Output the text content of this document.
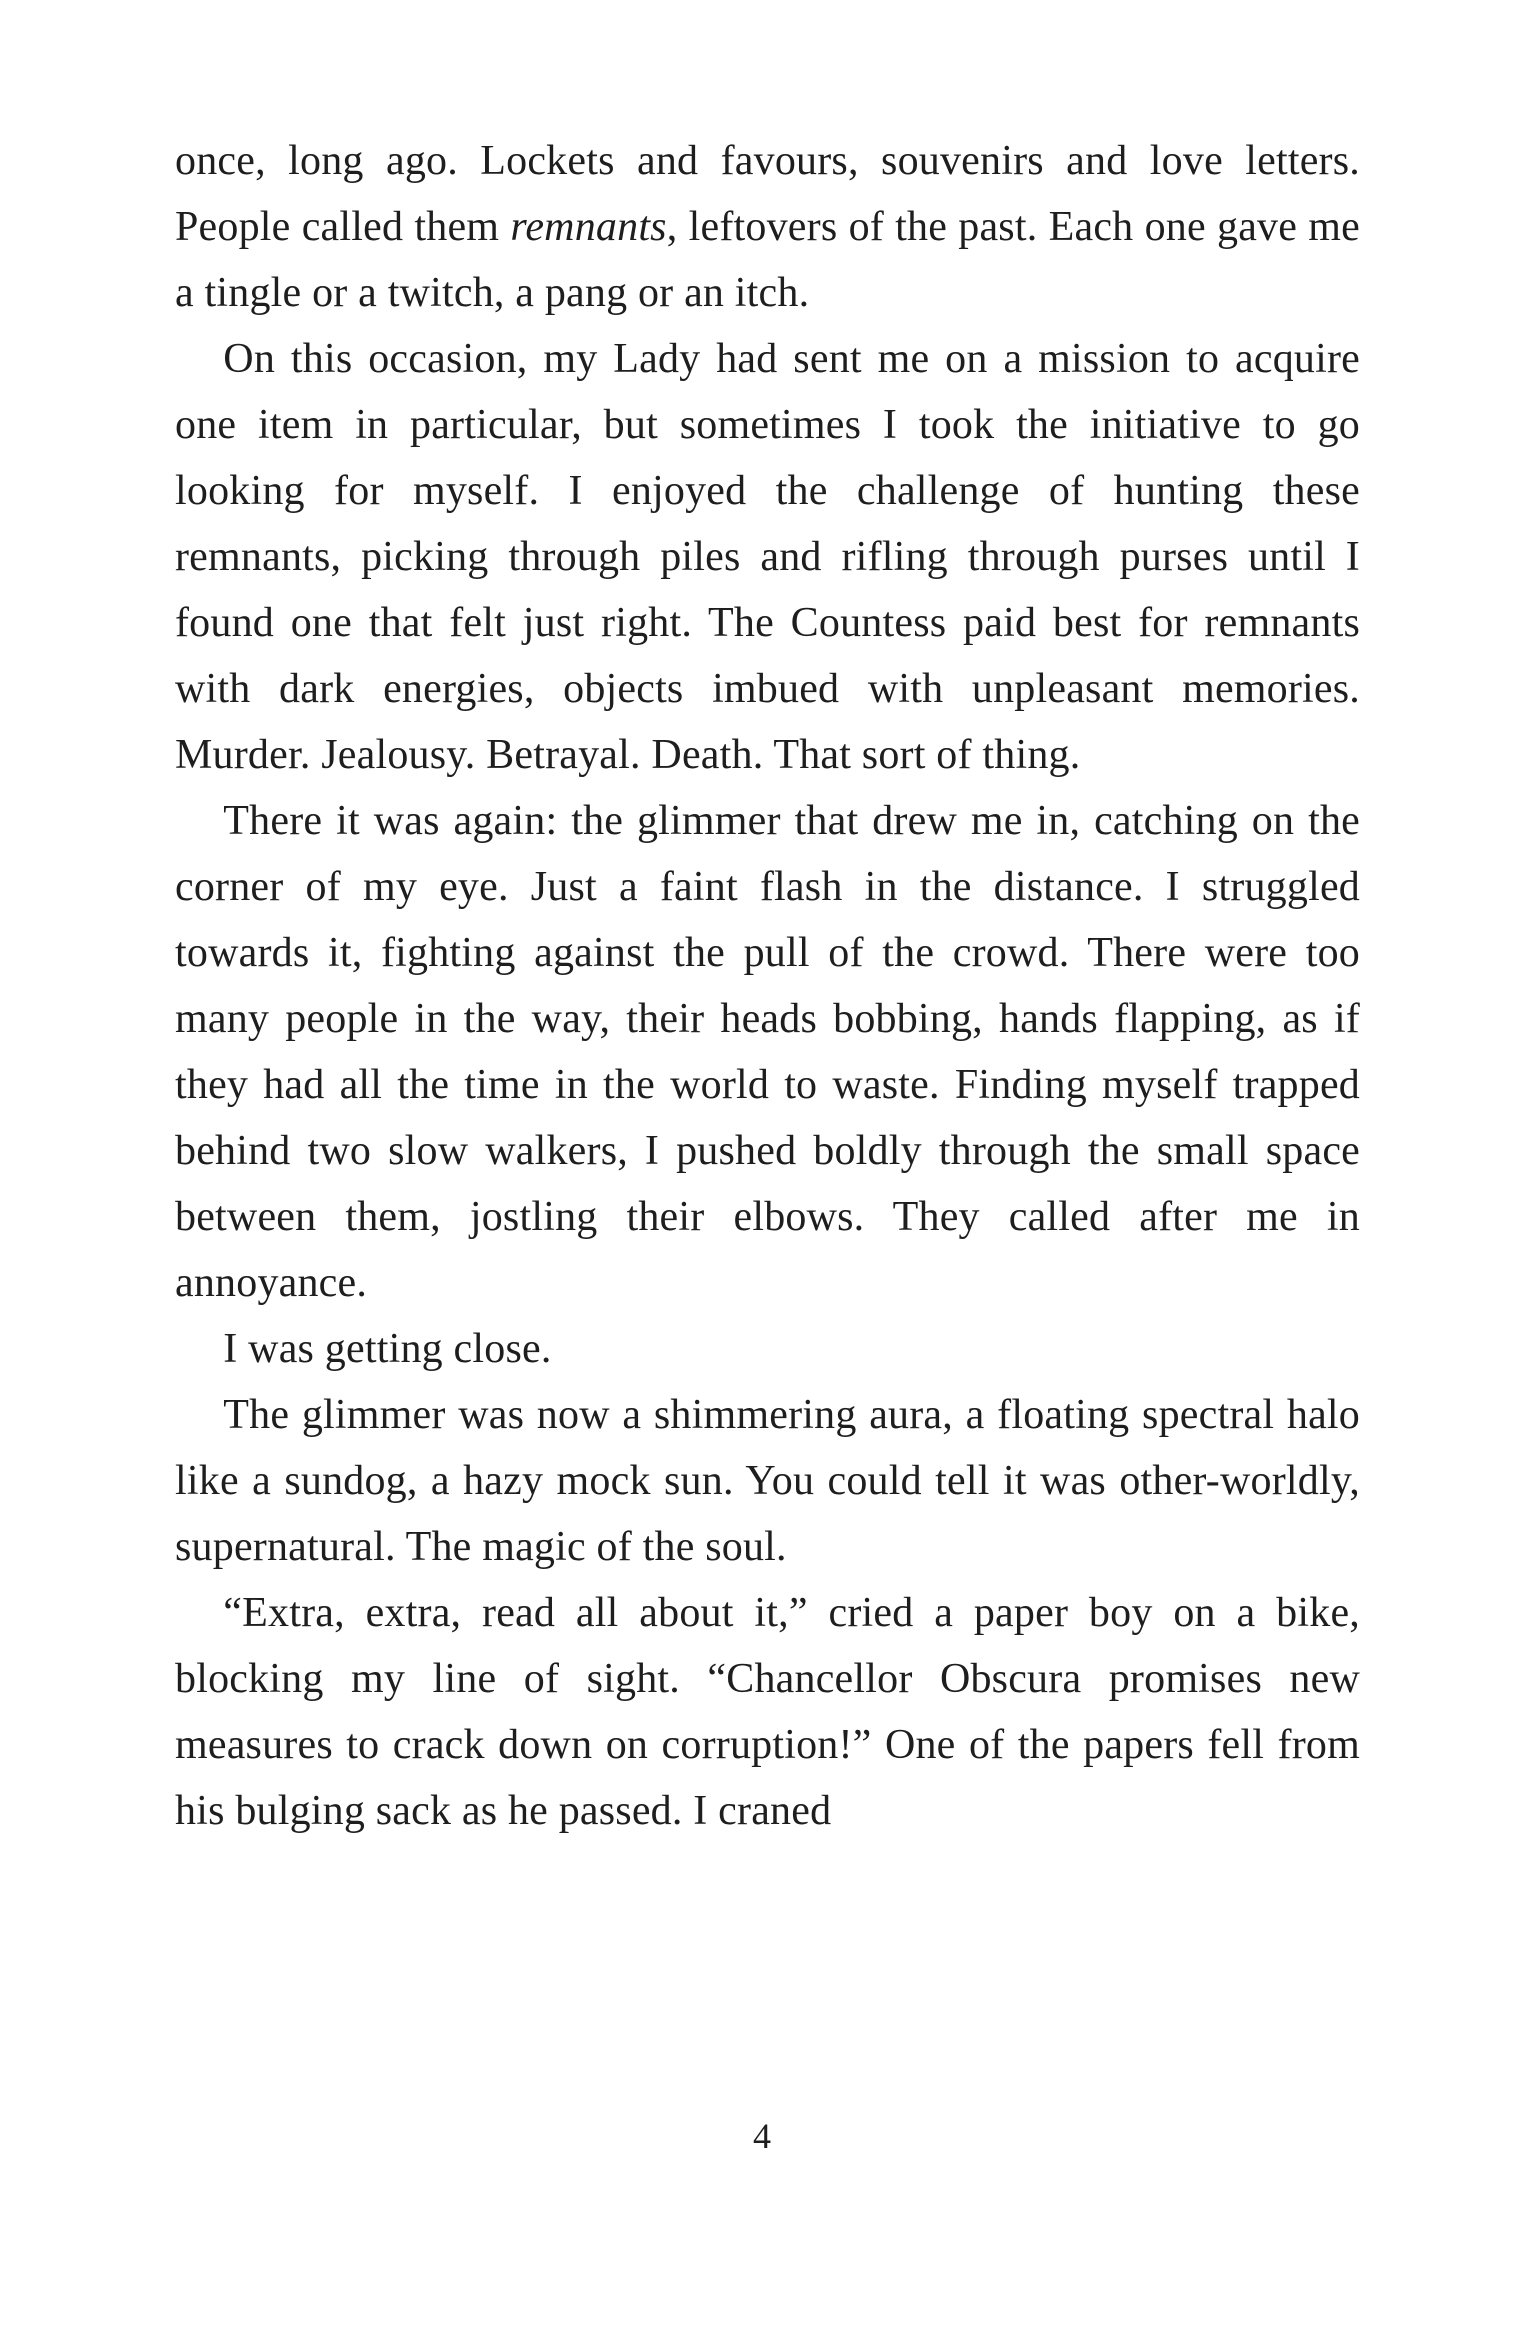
once, long ago. Lockets and favours, souvenirs and love letters. People called them remnants, leftovers of the past. Each one gave me a tingle or a twitch, a pang or an itch.

On this occasion, my Lady had sent me on a mission to acquire one item in particular, but sometimes I took the initiative to go looking for myself. I enjoyed the challenge of hunting these remnants, picking through piles and rifling through purses until I found one that felt just right. The Countess paid best for remnants with dark energies, objects imbued with unpleasant memories. Murder. Jealousy. Betrayal. Death. That sort of thing.

There it was again: the glimmer that drew me in, catching on the corner of my eye. Just a faint flash in the distance. I struggled towards it, fighting against the pull of the crowd. There were too many people in the way, their heads bobbing, hands flapping, as if they had all the time in the world to waste. Finding myself trapped behind two slow walkers, I pushed boldly through the small space between them, jostling their elbows. They called after me in annoyance.

I was getting close.

The glimmer was now a shimmering aura, a floating spectral halo like a sundog, a hazy mock sun. You could tell it was other-worldly, supernatural. The magic of the soul.

“Extra, extra, read all about it,” cried a paper boy on a bike, blocking my line of sight. “Chancellor Obscura promises new measures to crack down on corruption!” One of the papers fell from his bulging sack as he passed. I craned

4
